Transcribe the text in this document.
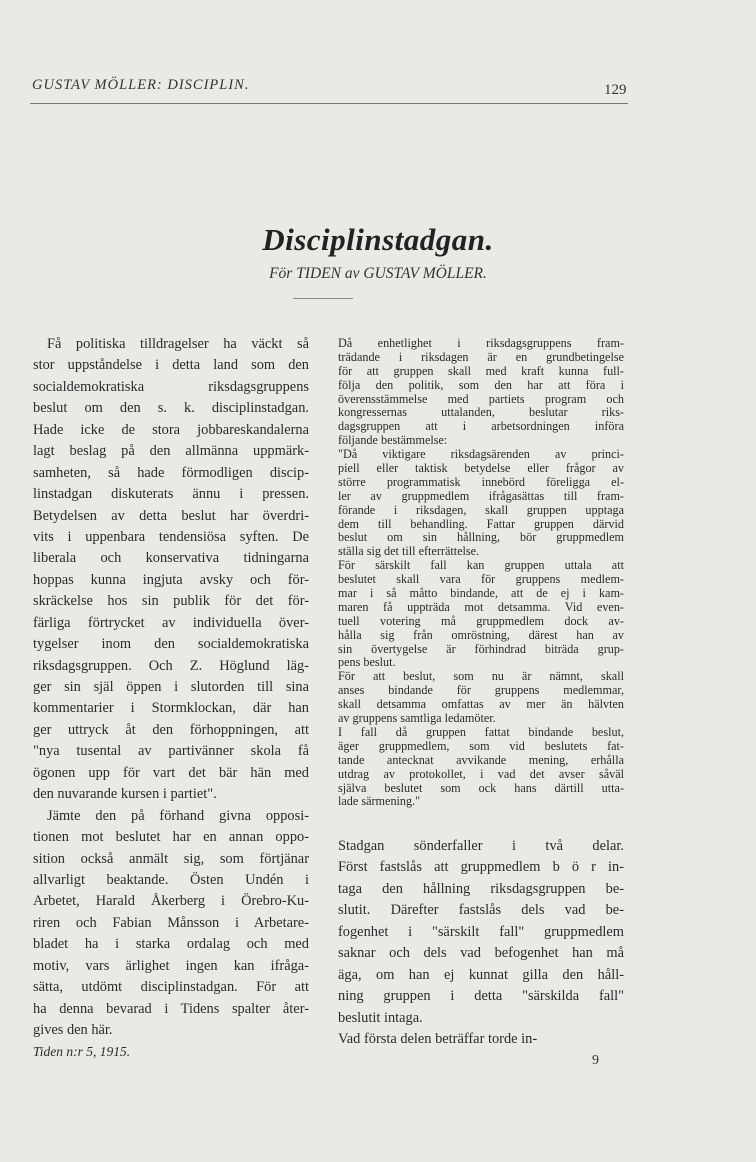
GUSTAV MÖLLER: DISCIPLIN.	129
Disciplinstadgan.
För TIDEN av GUSTAV MÖLLER.
Få politiska tilldragelser ha väckt så
stor uppståndelse i detta land som den
socialdemokratiska riksdagsgruppens
beslut om den s. k. disciplinstadgan.
Hade icke de stora jobbareskandalerna
lagt beslag på den allmänna uppmärk-
samheten, så hade förmodligen discip-
linstadgan diskuterats ännu i pressen.
Betydelsen av detta beslut har överdri-
vits i uppenbara tendensiösa syften. De
liberala och konservativa tidningarna
hoppas kunna ingjuta avsky och för-
skräckelse hos sin publik för det för-
färliga förtrycket av individuella över-
tygelser inom den socialdemokratiska
riksdagsgruppen. Och Z. Höglund läg-
ger sin själ öppen i slutorden till sina
kommentarier i Stormklockan, där han
ger uttryck åt den förhoppningen, att
"nya tusental av partivänner skola få
ögonen upp för vart det bär hän med
den nuvarande kursen i partiet".
Jämte den på förhand givna opposi-
tionen mot beslutet har en annan oppo-
sition också anmält sig, som förtjänar
allvarligt beaktande. Östen Undén i
Arbetet, Harald Åkerberg i Örebro-Ku-
riren och Fabian Månsson i Arbetare-
bladet ha i starka ordalag och med
motiv, vars ärlighet ingen kan ifråga-
sätta, utdömt disciplinstadgan. För att
ha denna bevarad i Tidens spalter åter-
gives den här.
Tiden n:r 5, 1915.
Då enhetlighet i riksdagsgruppens fram-
trädande i riksdagen är en grundbetingelse
för att gruppen skall med kraft kunna full-
följa den politik, som den har att föra i
överensstämmelse med partiets program och
kongressernas uttalanden, beslutar riks-
dagsgruppen att i arbetsordningen införa
följande bestämmelse:
"Då viktigare riksdagsärenden av princi-
piell eller taktisk betydelse eller frågor av
större programmatisk innebörd föreligga el-
ler av gruppmedlem ifrågasättas till fram-
förande i riksdagen, skall gruppen upptaga
dem till behandling. Fattar gruppen därvid
beslut om sin hållning, bör gruppmedlem
ställa sig det till efterrättelse.
För särskilt fall kan gruppen uttala att
beslutet skall vara för gruppens medlem-
mar i så måtto bindande, att de ej i kam-
maren få uppträda mot detsamma. Vid even-
tuell votering må gruppmedlem dock av-
hålla sig från omröstning, därest han av
sin övertygelse är förhindrad biträda grup-
pens beslut.
För att beslut, som nu är nämnt, skall
anses bindande för gruppens medlemmar,
skall detsamma omfattas av mer än hälvten
av gruppens samtliga ledamöter.
I fall då gruppen fattat bindande beslut,
äger gruppmedlem, som vid beslutets fat-
tande antecknat avvikande mening, erhålla
utdrag av protokollet, i vad det avser såväl
själva beslutet som ock hans därtill utta-
lade särmening."
Stadgan sönderfaller i två delar.
Först fastslås att gruppmedlem b ö r in-
taga den hållning riksdagsgruppen be-
slutit. Därefter fastslås dels vad be-
fogenhet i "särskilt fall" gruppmedlem
saknar och dels vad befogenhet han må
äga, om han ej kunnat gilla den håll-
ning gruppen i detta "särskilda fall"
beslutit intaga.
Vad första delen beträffar torde in-
9
